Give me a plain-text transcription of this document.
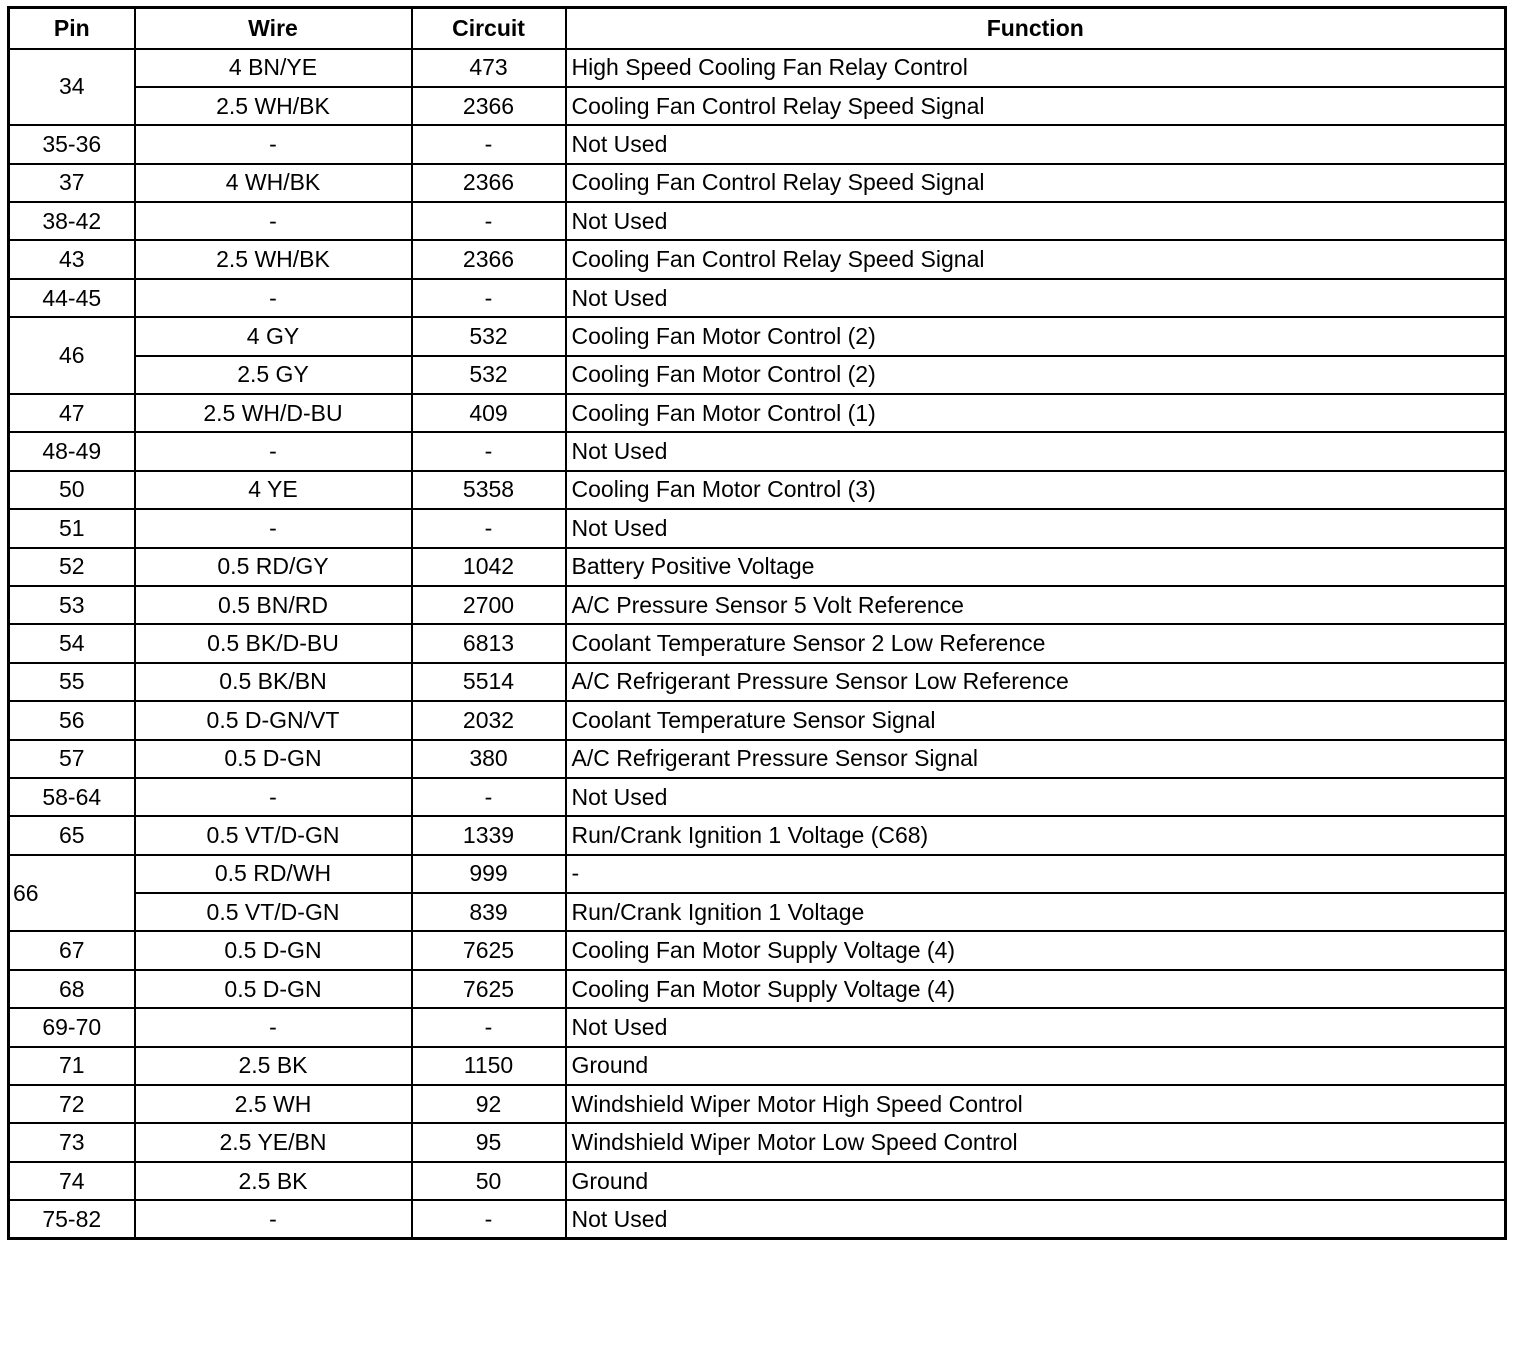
Pin	Wire	Circuit	Function
34	4 BN/YE	473	High Speed Cooling Fan Relay Control
	2.5 WH/BK	2366	Cooling Fan Control Relay Speed Signal
35-36	-	-	Not Used
37	4 WH/BK	2366	Cooling Fan Control Relay Speed Signal
38-42	-	-	Not Used
43	2.5 WH/BK	2366	Cooling Fan Control Relay Speed Signal
44-45	-	-	Not Used
46	4 GY	532	Cooling Fan Motor Control (2)
	2.5 GY	532	Cooling Fan Motor Control (2)
47	2.5 WH/D-BU	409	Cooling Fan Motor Control (1)
48-49	-	-	Not Used
50	4 YE	5358	Cooling Fan Motor Control (3)
51	-	-	Not Used
52	0.5 RD/GY	1042	Battery Positive Voltage
53	0.5 BN/RD	2700	A/C Pressure Sensor 5 Volt Reference
54	0.5 BK/D-BU	6813	Coolant Temperature Sensor 2 Low Reference
55	0.5 BK/BN	5514	A/C Refrigerant Pressure Sensor Low Reference
56	0.5 D-GN/VT	2032	Coolant Temperature Sensor Signal
57	0.5 D-GN	380	A/C Refrigerant Pressure Sensor Signal
58-64	-	-	Not Used
65	0.5 VT/D-GN	1339	Run/Crank Ignition 1 Voltage (C68)
66	0.5 RD/WH	999	-
	0.5 VT/D-GN	839	Run/Crank Ignition 1 Voltage
67	0.5 D-GN	7625	Cooling Fan Motor Supply Voltage (4)
68	0.5 D-GN	7625	Cooling Fan Motor Supply Voltage (4)
69-70	-	-	Not Used
71	2.5 BK	1150	Ground
72	2.5 WH	92	Windshield Wiper Motor High Speed Control
73	2.5 YE/BN	95	Windshield Wiper Motor Low Speed Control
74	2.5 BK	50	Ground
75-82	-	-	Not Used
